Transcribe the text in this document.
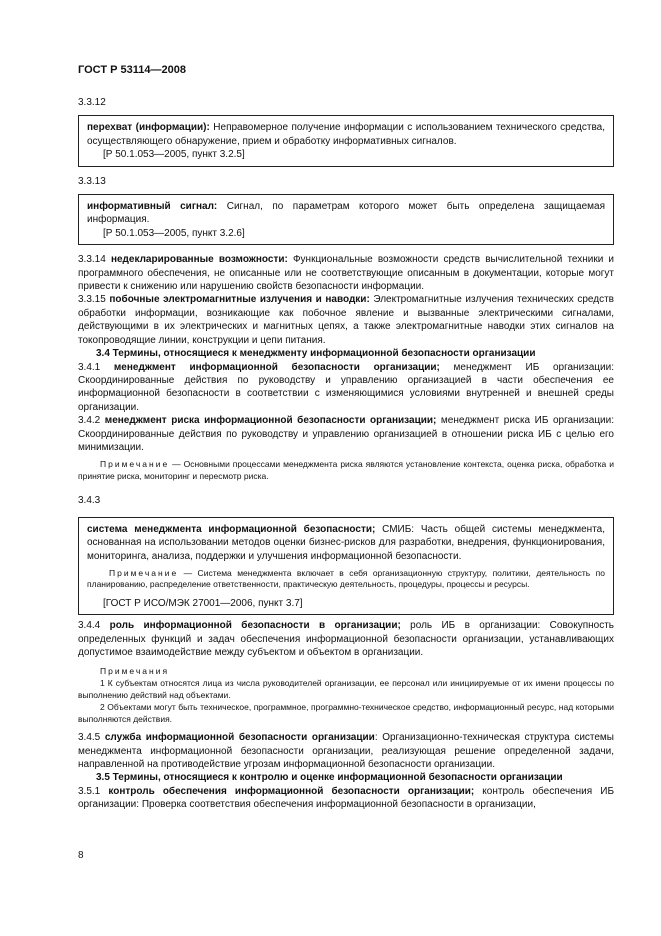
ГОСТ Р 53114—2008

3.3.12

перехват (информации): Неправомерное получение информации с использованием технического средства, осуществляющего обнаружение, прием и обработку информативных сигналов.

[Р 50.1.053—2005, пункт 3.2.5]

3.3.13

информативный сигнал: Сигнал, по параметрам которого может быть определена защищаемая информация.

[Р 50.1.053—2005, пункт 3.2.6]

3.3.14 недекларированные возможности: Функциональные возможности средств вычислительной техники и программного обеспечения, не описанные или не соответствующие описанным в документации, которые могут привести к снижению или нарушению свойств безопасности информации.

3.3.15 побочные электромагнитные излучения и наводки: Электромагнитные излучения технических средств обработки информации, возникающие как побочное явление и вызванные электрическими сигналами, действующими в их электрических и магнитных цепях, а также электромагнитные наводки этих сигналов на токопроводящие линии, конструкции и цепи питания.

3.4 Термины, относящиеся к менеджменту информационной безопасности организации

3.4.1 менеджмент информационной безопасности организации; менеджмент ИБ организации: Скоординированные действия по руководству и управлению организацией в части обеспечения ее информационной безопасности в соответствии с изменяющимися условиями внутренней и внешней среды организации.

3.4.2 менеджмент риска информационной безопасности организации; менеджмент риска ИБ организации: Скоординированные действия по руководству и управлению организацией в отношении риска ИБ с целью его минимизации.

Примечание — Основными процессами менеджмента риска являются установление контекста, оценка риска, обработка и принятие риска, мониторинг и пересмотр риска.

3.4.3

система менеджмента информационной безопасности; СМИБ: Часть общей системы менеджмента, основанная на использовании методов оценки бизнес-рисков для разработки, внедрения, функционирования, мониторинга, анализа, поддержки и улучшения информационной безопасности.

Примечание — Система менеджмента включает в себя организационную структуру, политики, деятельность по планированию, распределение ответственности, практическую деятельность, процедуры, процессы и ресурсы.

[ГОСТ Р ИСО/МЭК 27001—2006, пункт 3.7]

3.4.4 роль информационной безопасности в организации; роль ИБ в организации: Совокупность определенных функций и задач обеспечения информационной безопасности организации, устанавливающих допустимое взаимодействие между субъектом и объектом в организации.

Примечания

1 К субъектам относятся лица из числа руководителей организации, ее персонал или инициируемые от их имени процессы по выполнению действий над объектами.

2 Объектами могут быть техническое, программное, программно-техническое средство, информационный ресурс, над которыми выполняются действия.

3.4.5 служба информационной безопасности организации: Организационно-техническая структура системы менеджмента информационной безопасности организации, реализующая решение определенной задачи, направленной на противодействие угрозам информационной безопасности организации.

3.5 Термины, относящиеся к контролю и оценке информационной безопасности организации

3.5.1 контроль обеспечения информационной безопасности организации; контроль обеспечения ИБ организации: Проверка соответствия обеспечения информационной безопасности в организации,

8
